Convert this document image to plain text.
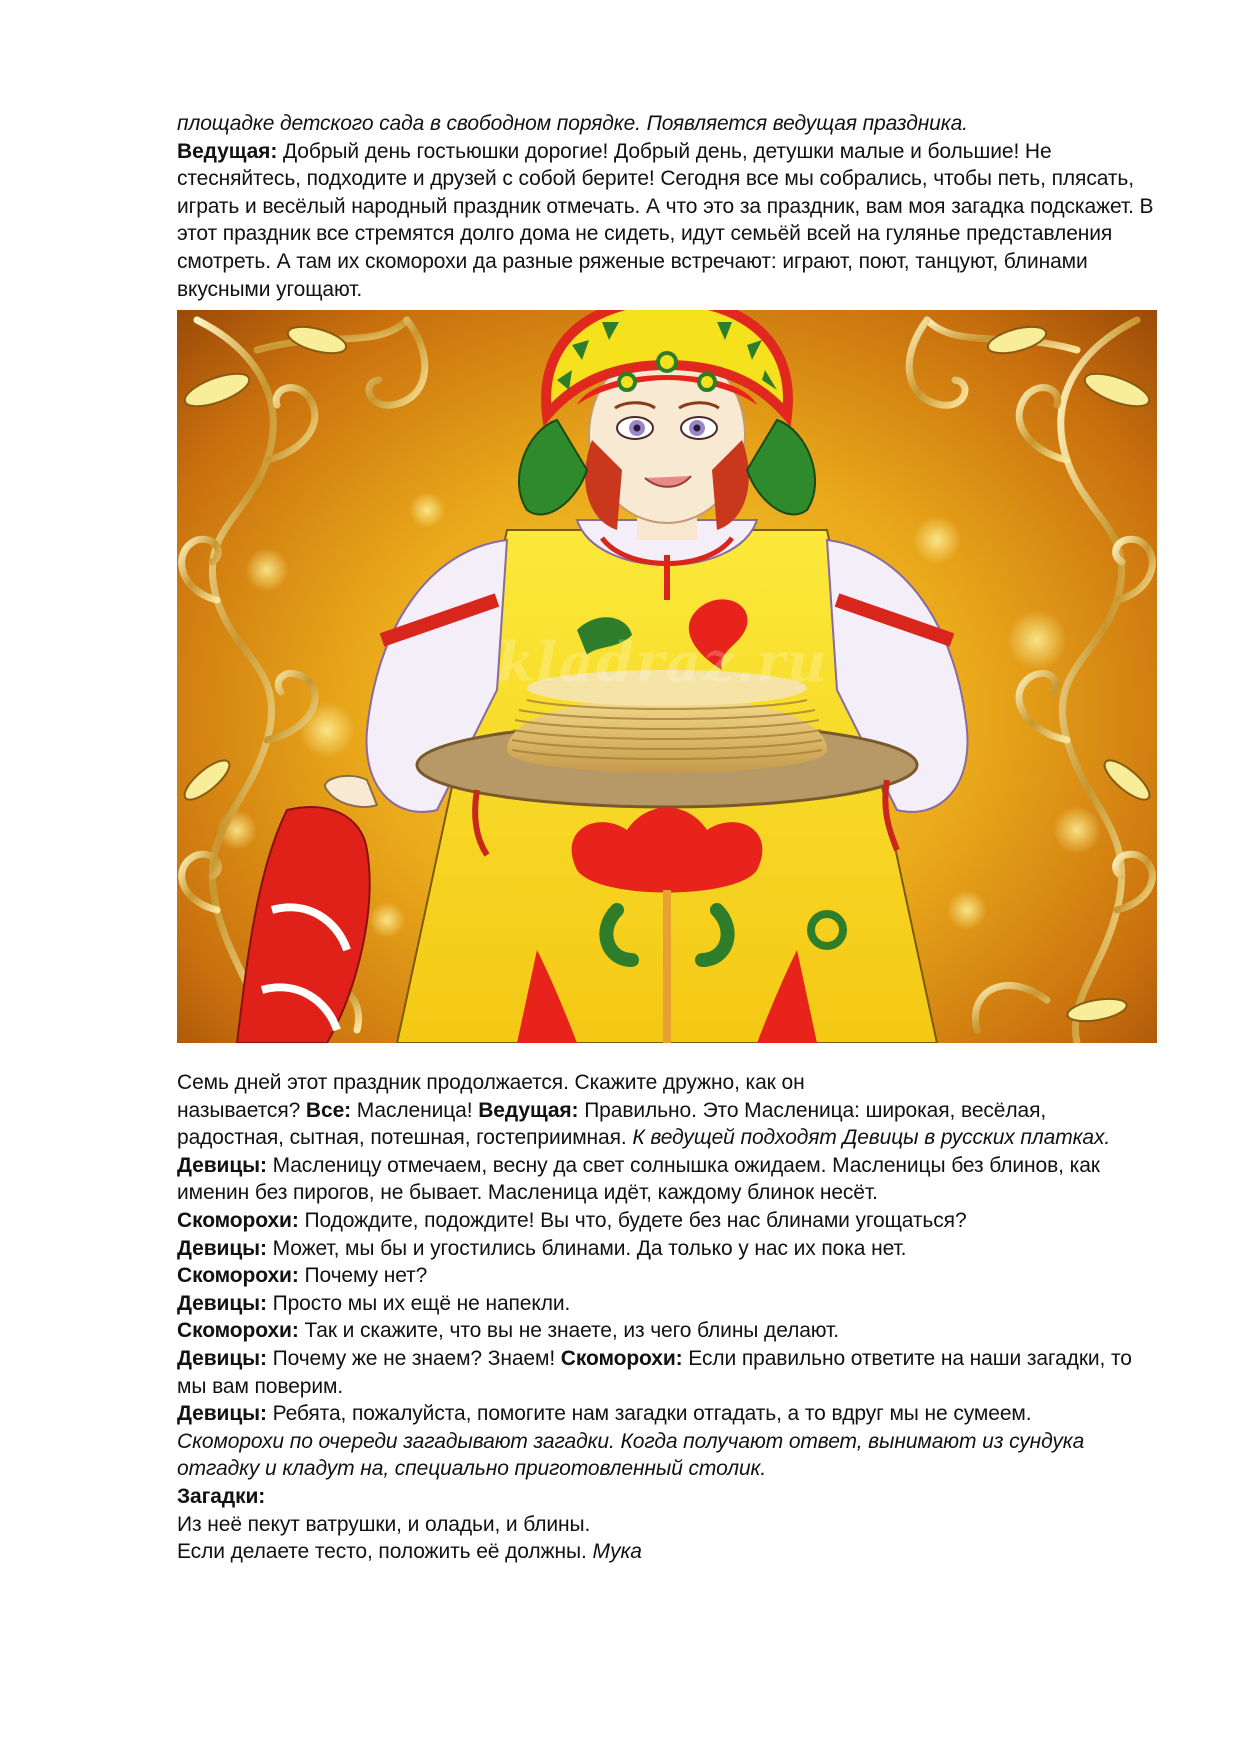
площадке детского сада в свободном порядке. Появляется ведущая праздника.

Ведущая: Добрый день гостьюшки дорогие! Добрый день, детушки малые и большие! Не стесняйтесь, подходите и друзей с собой берите! Сегодня все мы собрались, чтобы петь, плясать, играть и весёлый народный праздник отмечать. А что это за праздник, вам моя загадка подскажет. В этот праздник все стремятся долго дома не сидеть, идут семьёй всей на гулянье представления смотреть. А там их скоморохи да разные ряженые встречают: играют, поют, танцуют, блинами вкусными угощают.

kladraz.ru

Семь дней этот праздник продолжается. Скажите дружно, как он

называется? Все: Масленица! Ведущая: Правильно. Это Масленица: широкая, весёлая, радостная, сытная, потешная, гостеприимная. К ведущей подходят Девицы в русских платках.

Девицы: Масленицу отмечаем, весну да свет солнышка ожидаем. Масленицы без блинов, как именин без пирогов, не бывает. Масленица идёт, каждому блинок несёт.

Скоморохи: Подождите, подождите! Вы что, будете без нас блинами угощаться?

Девицы: Может, мы бы и угостились блинами. Да только у нас их пока нет.

Скоморохи: Почему нет?

Девицы: Просто мы их ещё не напекли.

Скоморохи: Так и скажите, что вы не знаете, из чего блины делают.

Девицы: Почему же не знаем? Знаем! Скоморохи: Если правильно ответите на наши загадки, то мы вам поверим.

Девицы: Ребята, пожалуйста, помогите нам загадки отгадать, а то вдруг мы не сумеем.

Скоморохи по очереди загадывают загадки. Когда получают ответ, вынимают из сундука отгадку и кладут на, специально приготовленный столик.

Загадки:

Из неё пекут ватрушки, и оладьи, и блины.

Если делаете тесто, положить её должны. Мука
